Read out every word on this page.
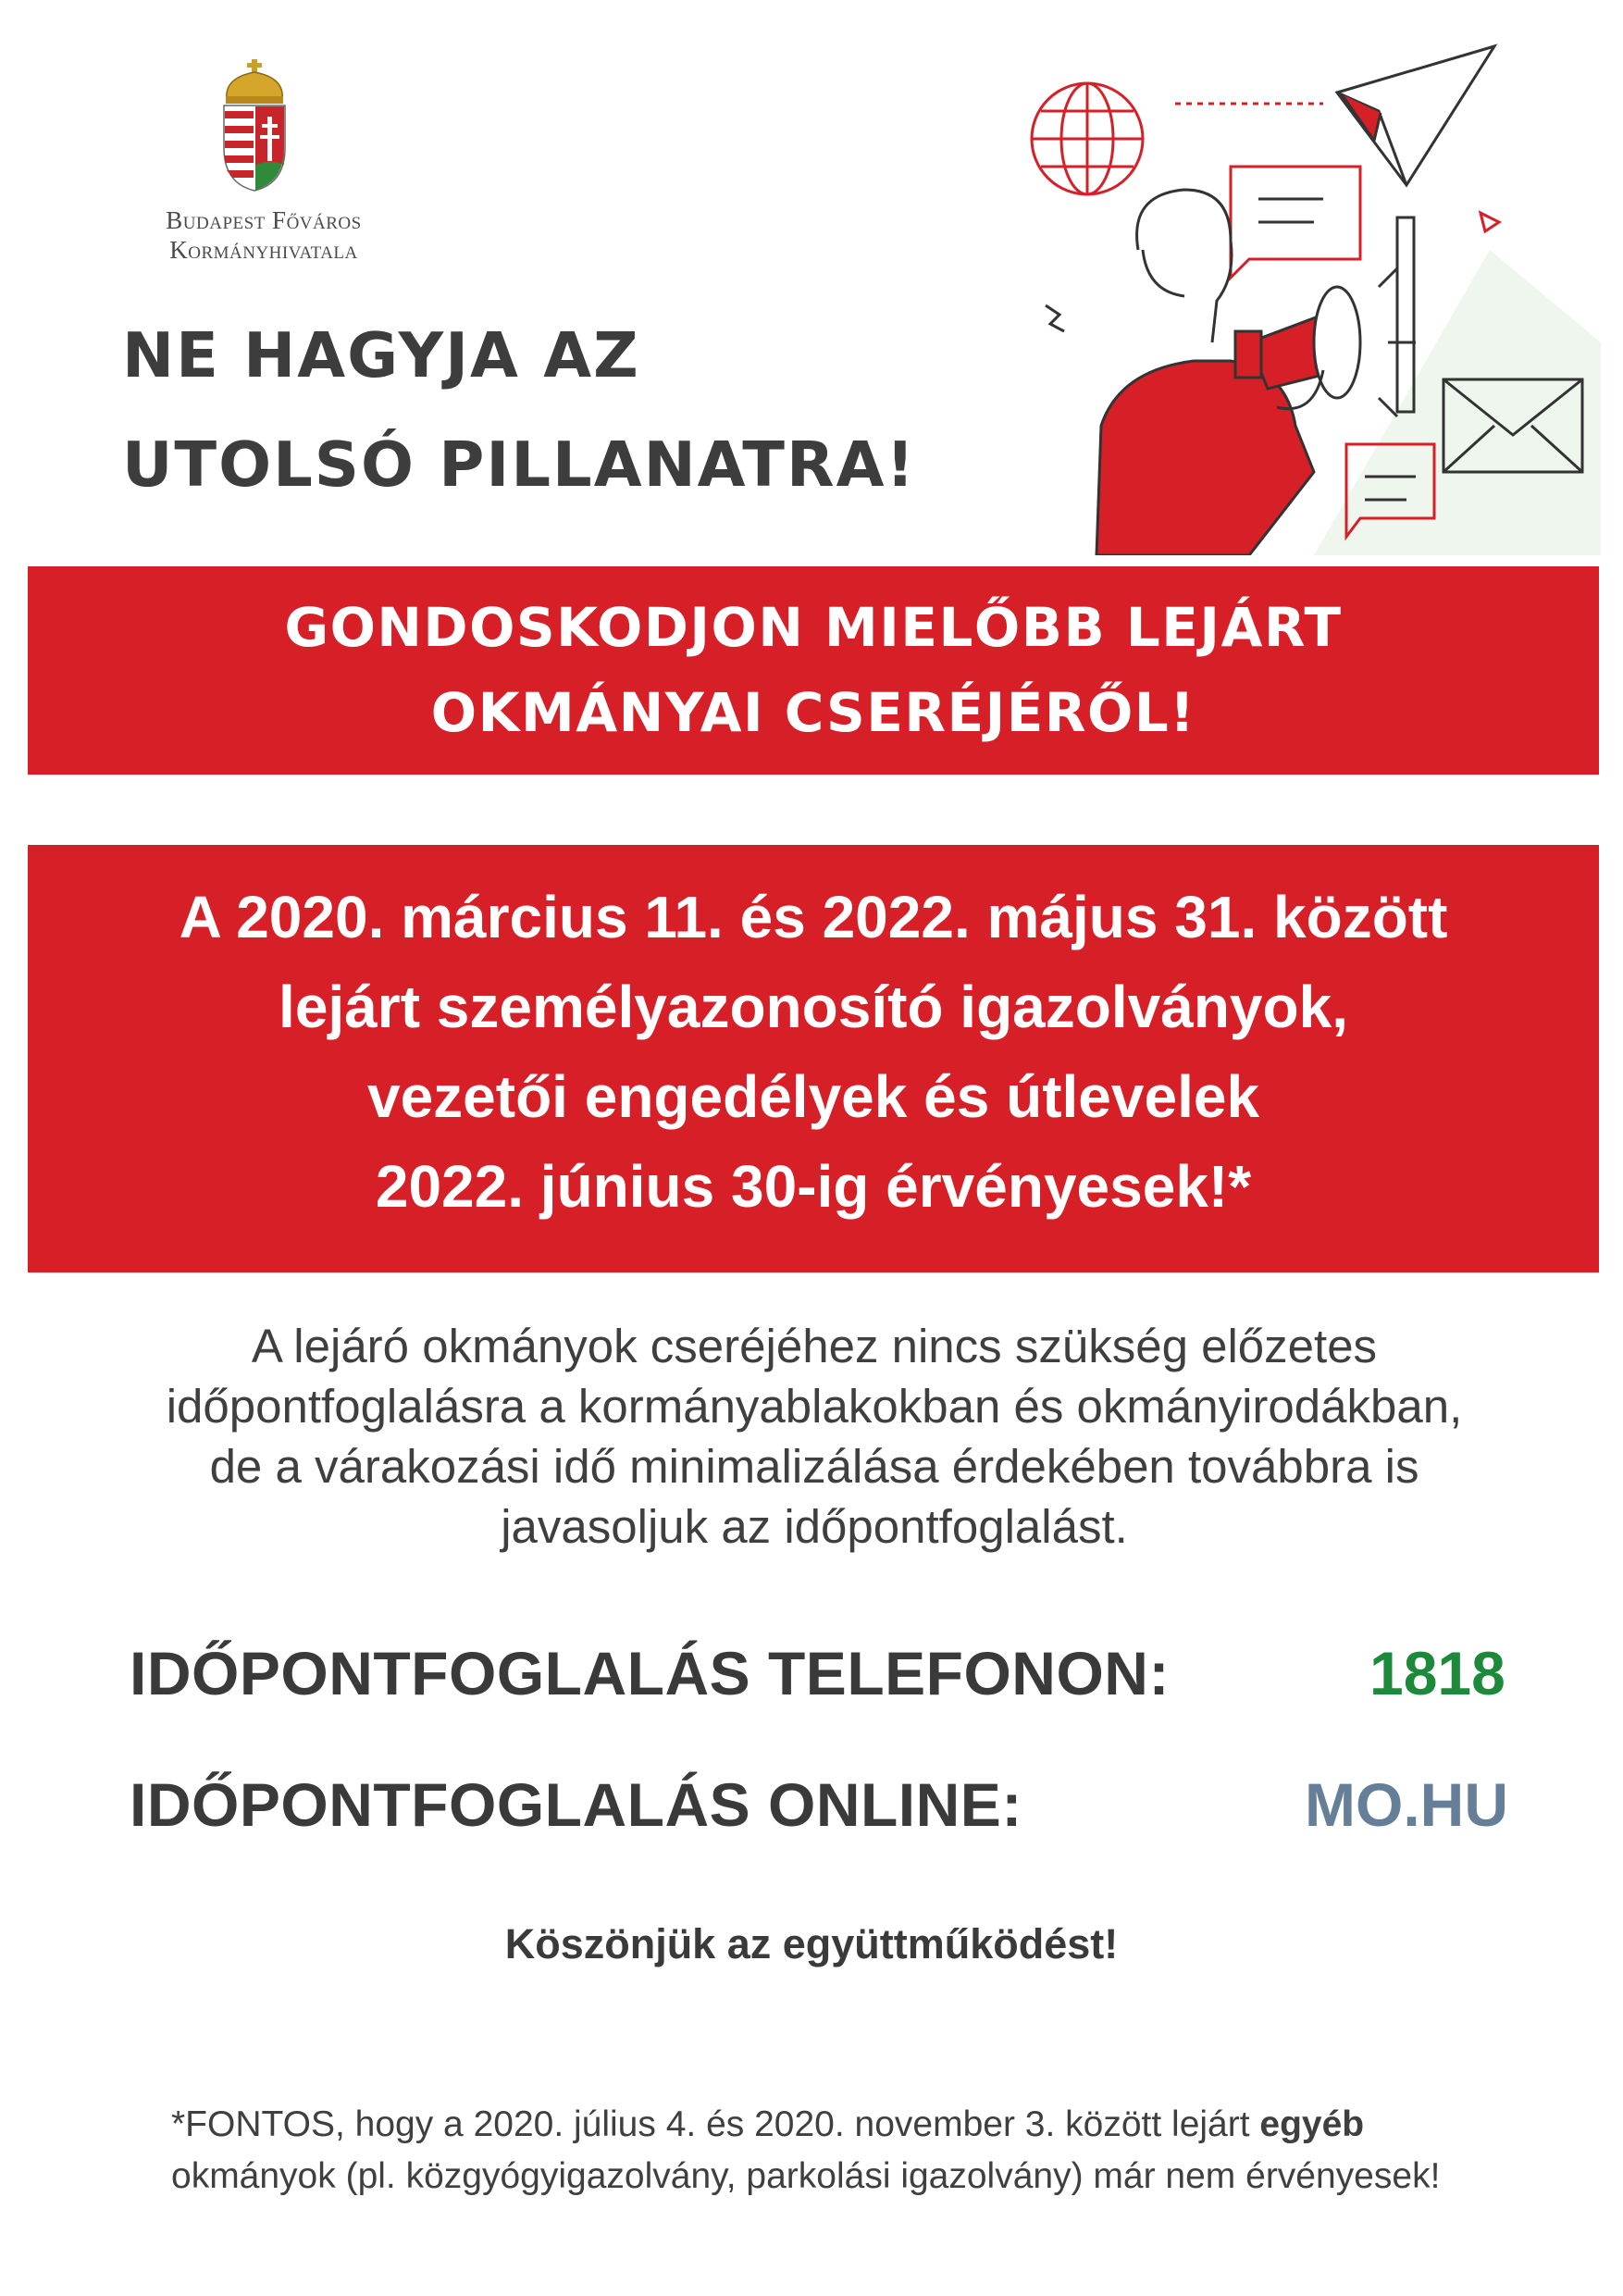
Budapest Főváros
Kormányhivatala
NE HAGYJA AZ
UTOLSÓ PILLANATRA!
GONDOSKODJON MIELŐBB LEJÁRT
OKMÁNYAI CSERÉJÉRŐL!
A 2020. március 11. és 2022. május 31. között
lejárt személyazonosító igazolványok,
vezetői engedélyek és útlevelek
2022. június 30-ig érvényesek!*
A lejáró okmányok cseréjéhez nincs szükség előzetes
időpontfoglalásra a kormányablakokban és okmányirodákban,
de a várakozási idő minimalizálása érdekében továbbra is
javasoljuk az időpontfoglalást.
IDŐPONTFOGLALÁS TELEFONON:	1818
IDŐPONTFOGLALÁS ONLINE:	MO.HU
Köszönjük az együttműködést!
*FONTOS, hogy a 2020. július 4. és 2020. november 3. között lejárt egyéb
okmányok (pl. közgyógyigazolvány, parkolási igazolvány) már nem érvényesek!
